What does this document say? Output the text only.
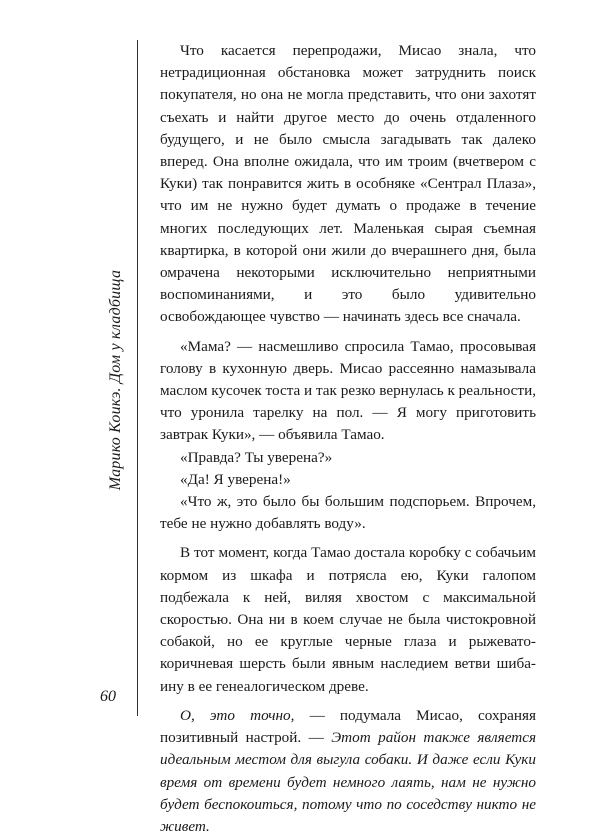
Марико Коикэ. Дом у кладбища
60

Что касается перепродажи, Мисао знала, что нетрадиционная обстановка может затруднить поиск покупателя, но она не могла представить, что они захотят съехать и найти другое место до очень отдаленного будущего, и не было смысла загадывать так далеко вперед. Она вполне ожидала, что им троим (вчетвером с Куки) так понравится жить в особняке «Сентрал Плаза», что им не нужно будет думать о продаже в течение многих последующих лет. Маленькая сырая съемная квартирка, в которой они жили до вчерашнего дня, была омрачена некоторыми исключительно неприятными воспоминаниями, и это было удивительно освобождающее чувство — начинать здесь все сначала.

«Мама? — насмешливо спросила Тамао, просовывая голову в кухонную дверь. Мисао рассеянно намазывала маслом кусочек тоста и так резко вернулась к реальности, что уронила тарелку на пол. — Я могу приготовить завтрак Куки», — объявила Тамао.

«Правда? Ты уверена?»

«Да! Я уверена!»

«Что ж, это было бы большим подспорьем. Впрочем, тебе не нужно добавлять воду».

В тот момент, когда Тамао достала коробку с собачьим кормом из шкафа и потрясла ею, Куки галопом подбежала к ней, виляя хвостом с максимальной скоростью. Она ни в коем случае не была чистокровной собакой, но ее круглые черные глаза и рыжевато-коричневая шерсть были явным наследием ветви шиба-ину в ее генеалогическом древе.

О, это точно, — подумала Мисао, сохраняя позитивный настрой. — Этот район также является идеальным местом для выгула собаки. И даже если Куки время от времени будет немного лаять, нам не нужно будет беспокоиться, потому что по соседству никто не живет.
